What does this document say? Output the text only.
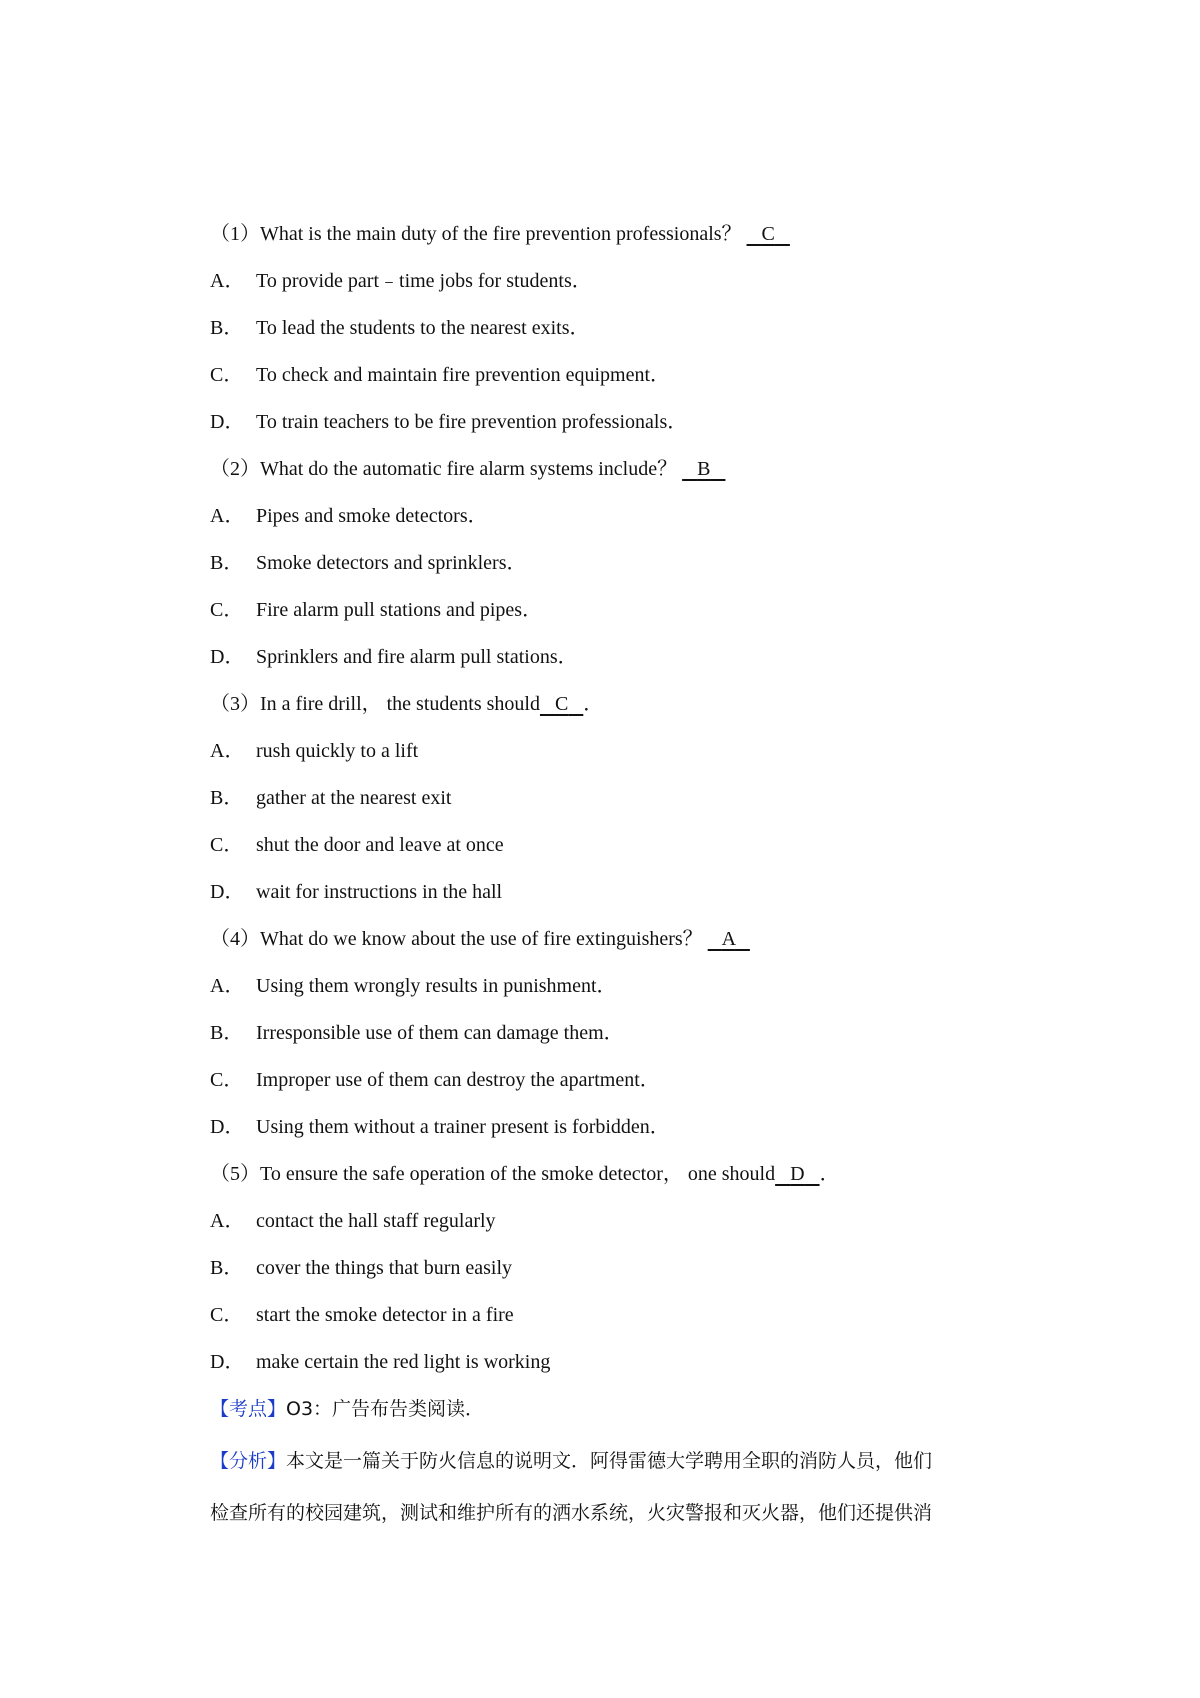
（1）What is the main duty of the fire prevention professionals？ C
A． To provide part﹣time jobs for students．
B． To lead the students to the nearest exits．
C． To check and maintain fire prevention equipment．
D． To train teachers to be fire prevention professionals．
（2）What do the automatic fire alarm systems include？ B
A． Pipes and smoke detectors．
B． Smoke detectors and sprinklers．
C． Fire alarm pull stations and pipes．
D． Sprinklers and fire alarm pull stations．
（3）In a fire drill， the students should C ．
A． rush quickly to a lift
B． gather at the nearest exit
C． shut the door and leave at once
D． wait for instructions in the hall
（4）What do we know about the use of fire extinguishers？ A
A． Using them wrongly results in punishment．
B． Irresponsible use of them can damage them．
C． Improper use of them can destroy the apartment．
D． Using them without a trainer present is forbidden．
（5）To ensure the safe operation of the smoke detector， one should D ．
A． contact the hall staff regularly
B． cover the things that burn easily
C． start the smoke detector in a fire
D． make certain the red light is working
【考点】O3：广告布告类阅读．
【分析】本文是一篇关于防火信息的说明文．阿得雷德大学聘用全职的消防人员，他们
检查所有的校园建筑，测试和维护所有的洒水系统，火灾警报和灭火器，他们还提供消
